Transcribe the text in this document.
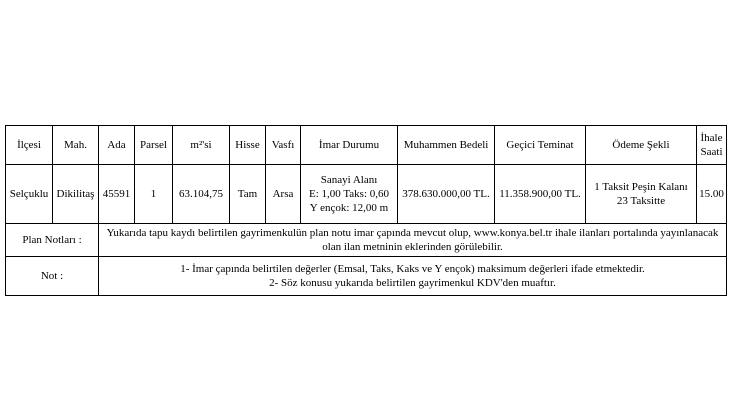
İlçesi	Mah.	Ada	Parsel	m²'si	Hisse	Vasfı	İmar Durumu	Muhammen Bedeli	Geçici Teminat	Ödeme Şekli	İhale
Saati

Selçuklu	Dikilitaş	45591	1	63.104,75	Tam	Arsa	Sanayi Alanı
E: 1,00 Taks: 0,60
Y ençok: 12,00 m	378.630.000,00 TL.	11.358.900,00 TL.	1 Taksit Peşin Kalanı
23 Taksitte	15.00
Plan Notları :		Yukarıda tapu kaydı belirtilen gayrimenkulün plan notu imar çapında mevcut olup, www.konya.bel.tr ihale ilanları portalında yayınlanacak olan ilan metninin eklerinden görülebilir.									
Not :		1- İmar çapında belirtilen değerler (Emsal, Taks, Kaks ve Y ençok) maksimum değerleri ifade etmektedir.
2- Söz konusu yukarıda belirtilen gayrimenkul KDV'den muaftır.									
